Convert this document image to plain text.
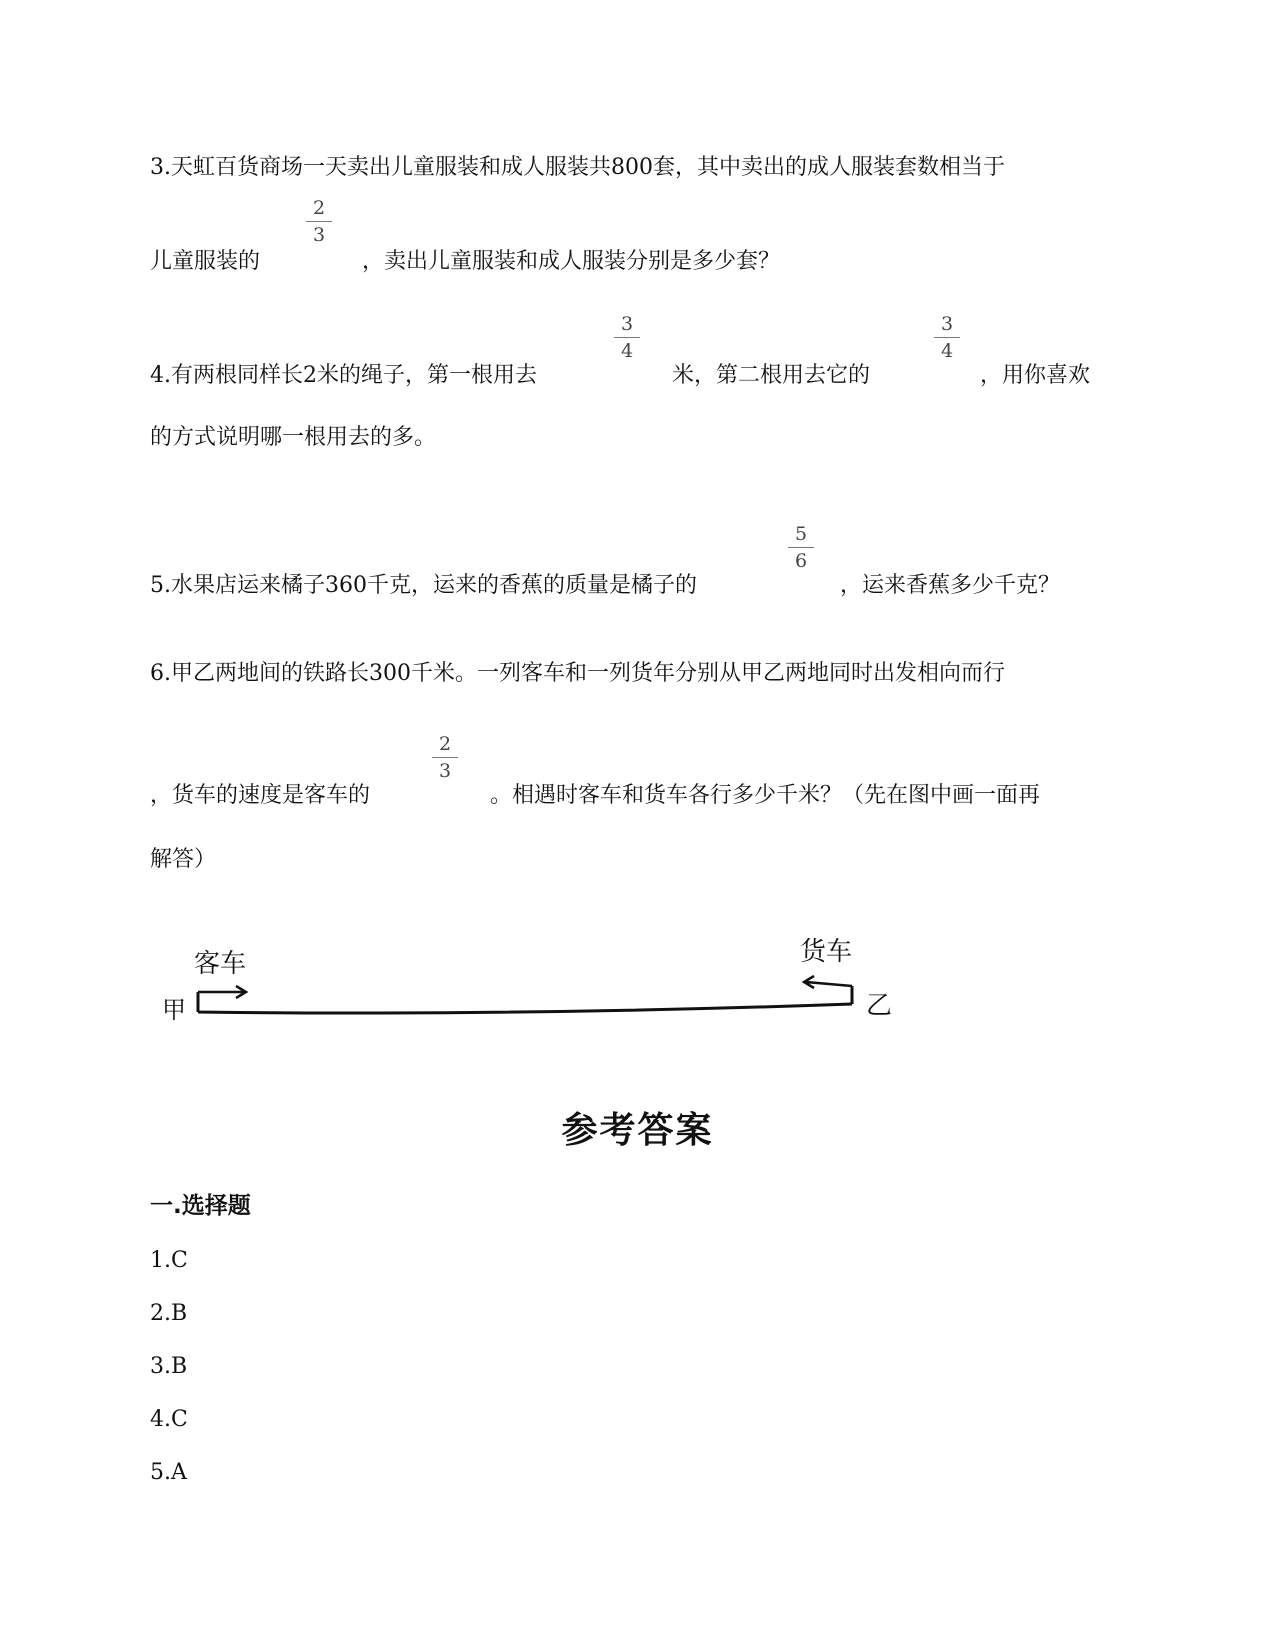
3.天虹百货商场一天卖出儿童服装和成人服装共800套，其中卖出的成人服装套数相当于
2
3
儿童服装的	，卖出儿童服装和成人服装分别是多少套？
3
4
3
4
4.有两根同样长2米的绳子，第一根用去	米，第二根用去它的	，用你喜欢
的方式说明哪一根用去的多。
5
6
5.水果店运来橘子360千克，运来的香蕉的质量是橘子的	，运来香蕉多少千克？
6.甲乙两地间的铁路长300千米。一列客车和一列货年分别从甲乙两地同时出发相向而行
2
3
，货车的速度是客车的	。相遇时客车和货车各行多少千米？（先在图中画一面再
解答）
甲
客车	货车
乙
参考答案
一.选择题
1.C
2.B
3.B
4.C
5.A
